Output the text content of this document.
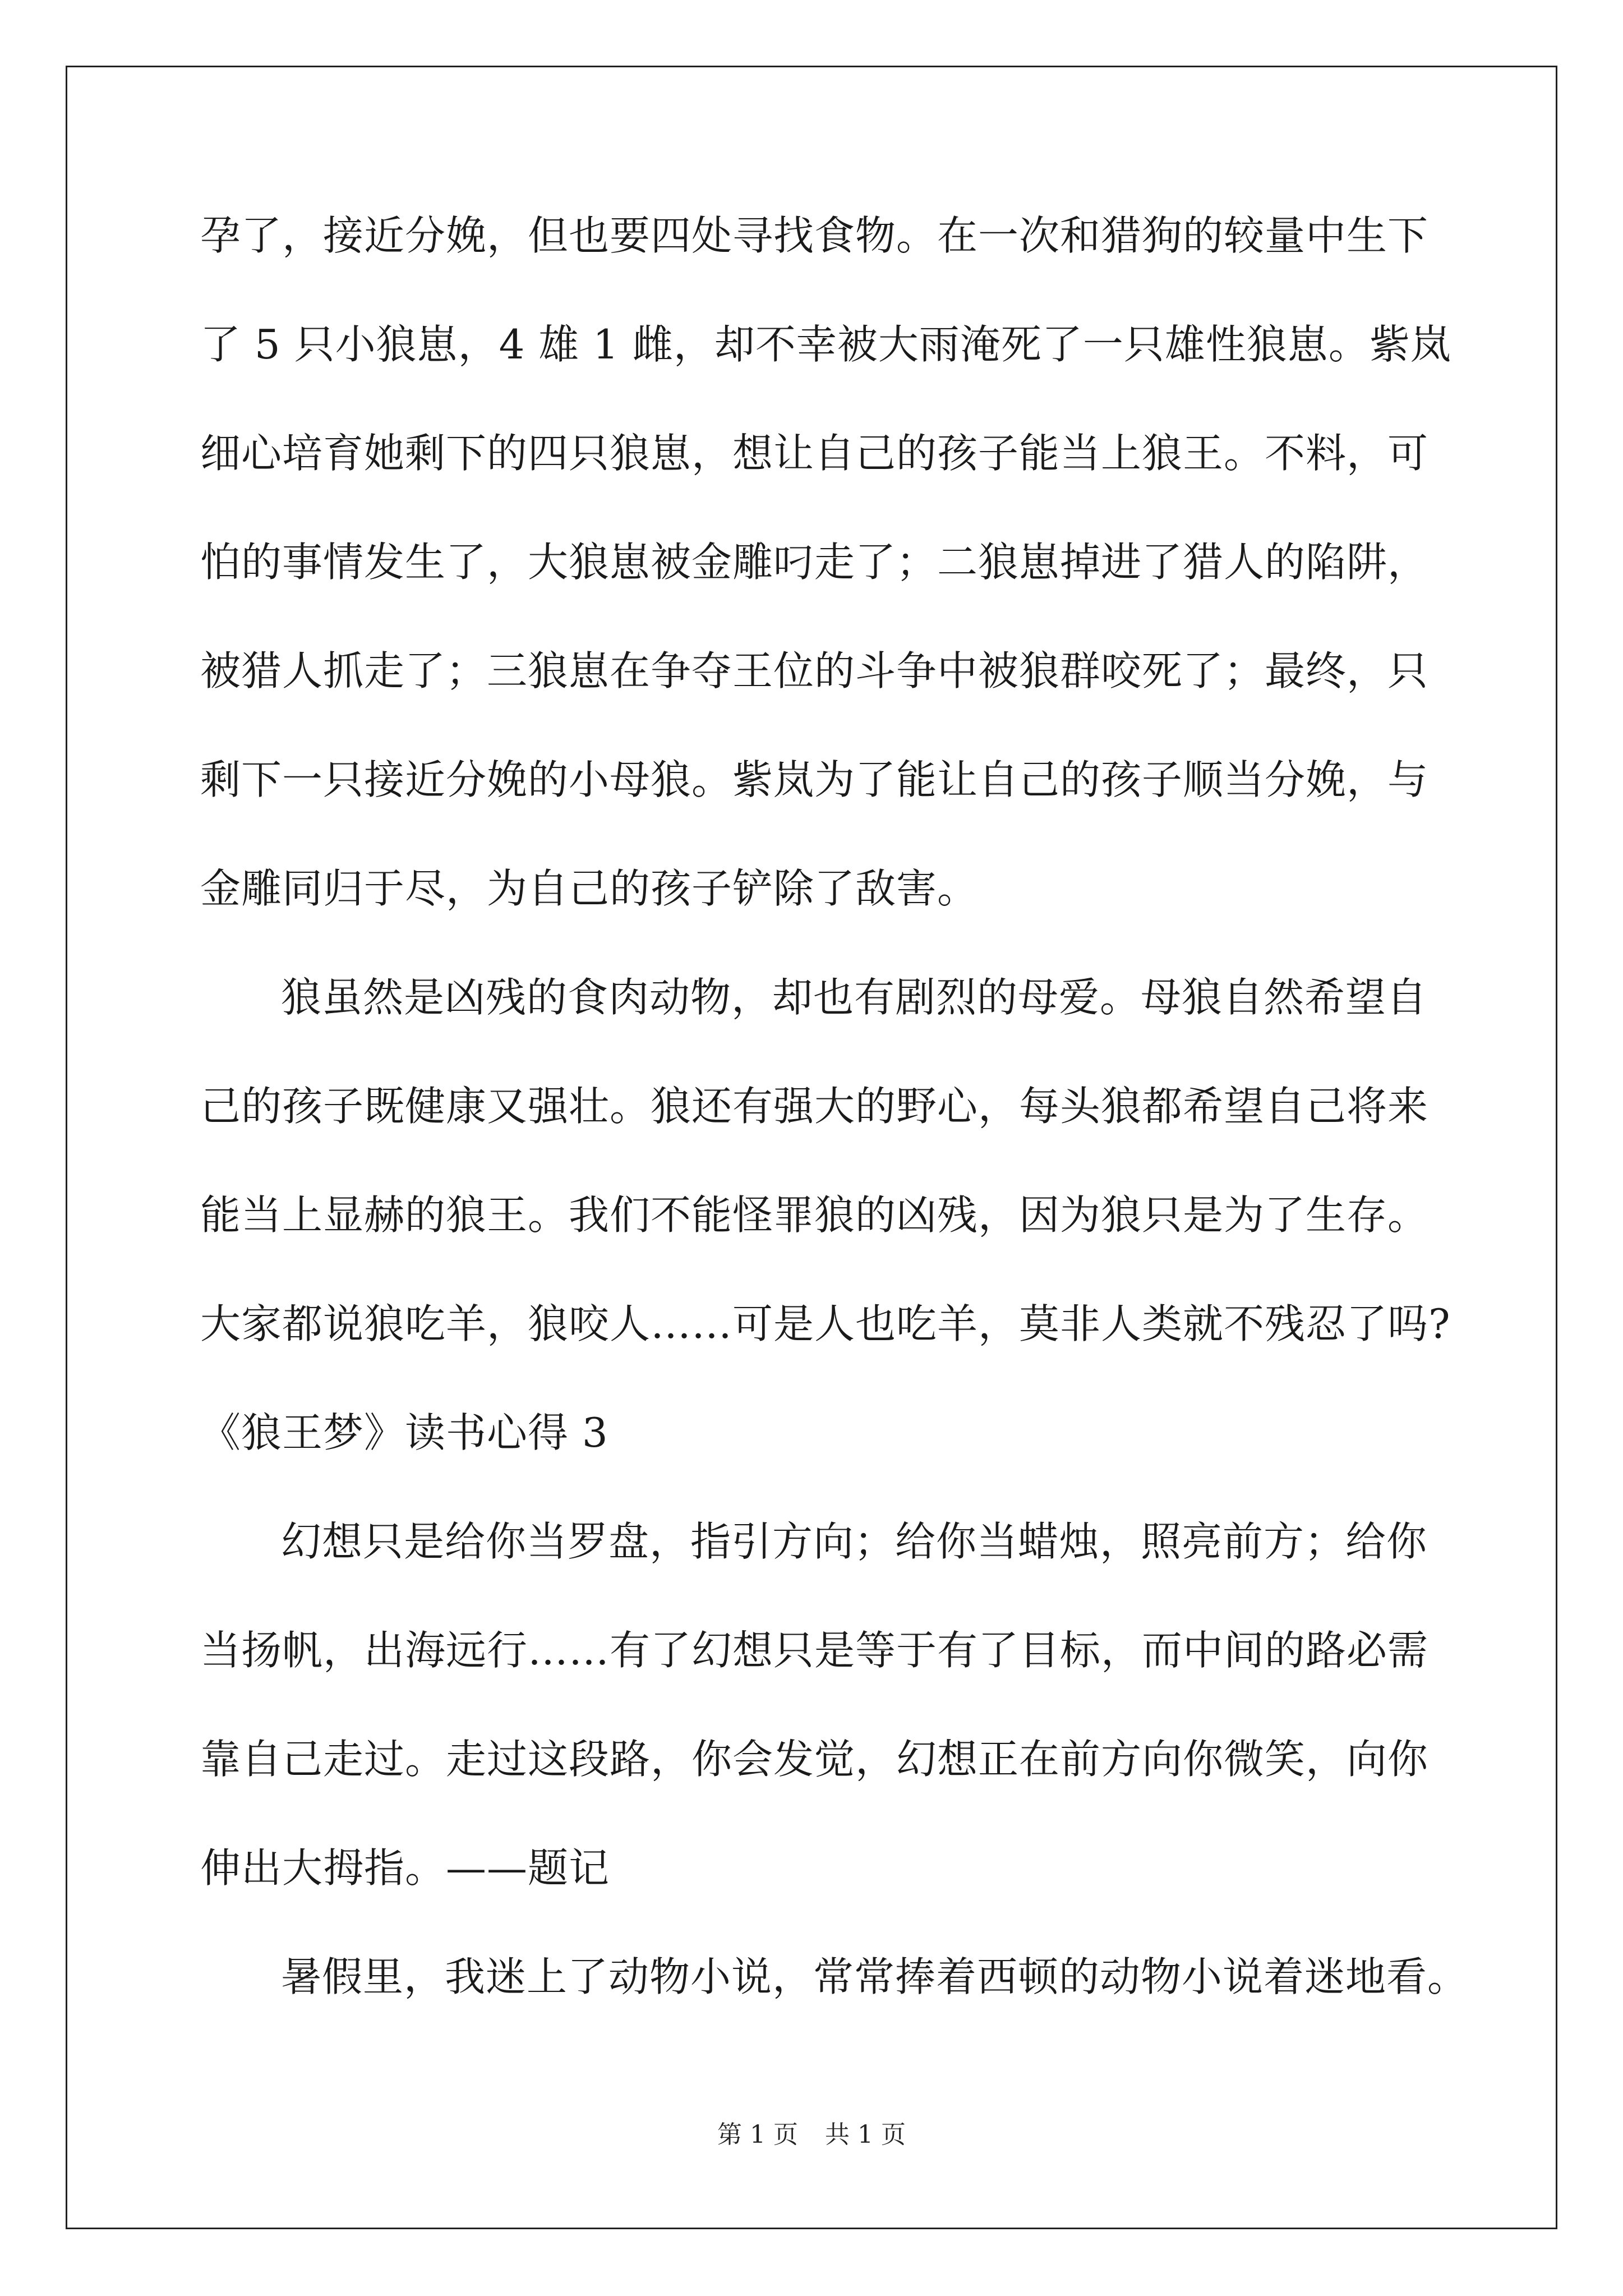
孕了，接近分娩，但也要四处寻找食物。在一次和猎狗的较量中生下
了 5 只小狼崽，4 雄 1 雌，却不幸被大雨淹死了一只雄性狼崽。紫岚
细心培育她剩下的四只狼崽，想让自己的孩子能当上狼王。不料，可
怕的事情发生了，大狼崽被金雕叼走了；二狼崽掉进了猎人的陷阱，
被猎人抓走了；三狼崽在争夺王位的斗争中被狼群咬死了；最终，只
剩下一只接近分娩的小母狼。紫岚为了能让自己的孩子顺当分娩，与
金雕同归于尽，为自己的孩子铲除了敌害。
狼虽然是凶残的食肉动物，却也有剧烈的母爱。母狼自然希望自
己的孩子既健康又强壮。狼还有强大的野心，每头狼都希望自己将来
能当上显赫的狼王。我们不能怪罪狼的凶残，因为狼只是为了生存。
大家都说狼吃羊，狼咬人……可是人也吃羊，莫非人类就不残忍了吗?
《狼王梦》读书心得 3
幻想只是给你当罗盘，指引方向；给你当蜡烛，照亮前方；给你
当扬帆，出海远行……有了幻想只是等于有了目标，而中间的路必需
靠自己走过。走过这段路，你会发觉，幻想正在前方向你微笑，向你
伸出大拇指。——题记
暑假里，我迷上了动物小说，常常捧着西顿的动物小说着迷地看。
第 1 页 共 1 页
